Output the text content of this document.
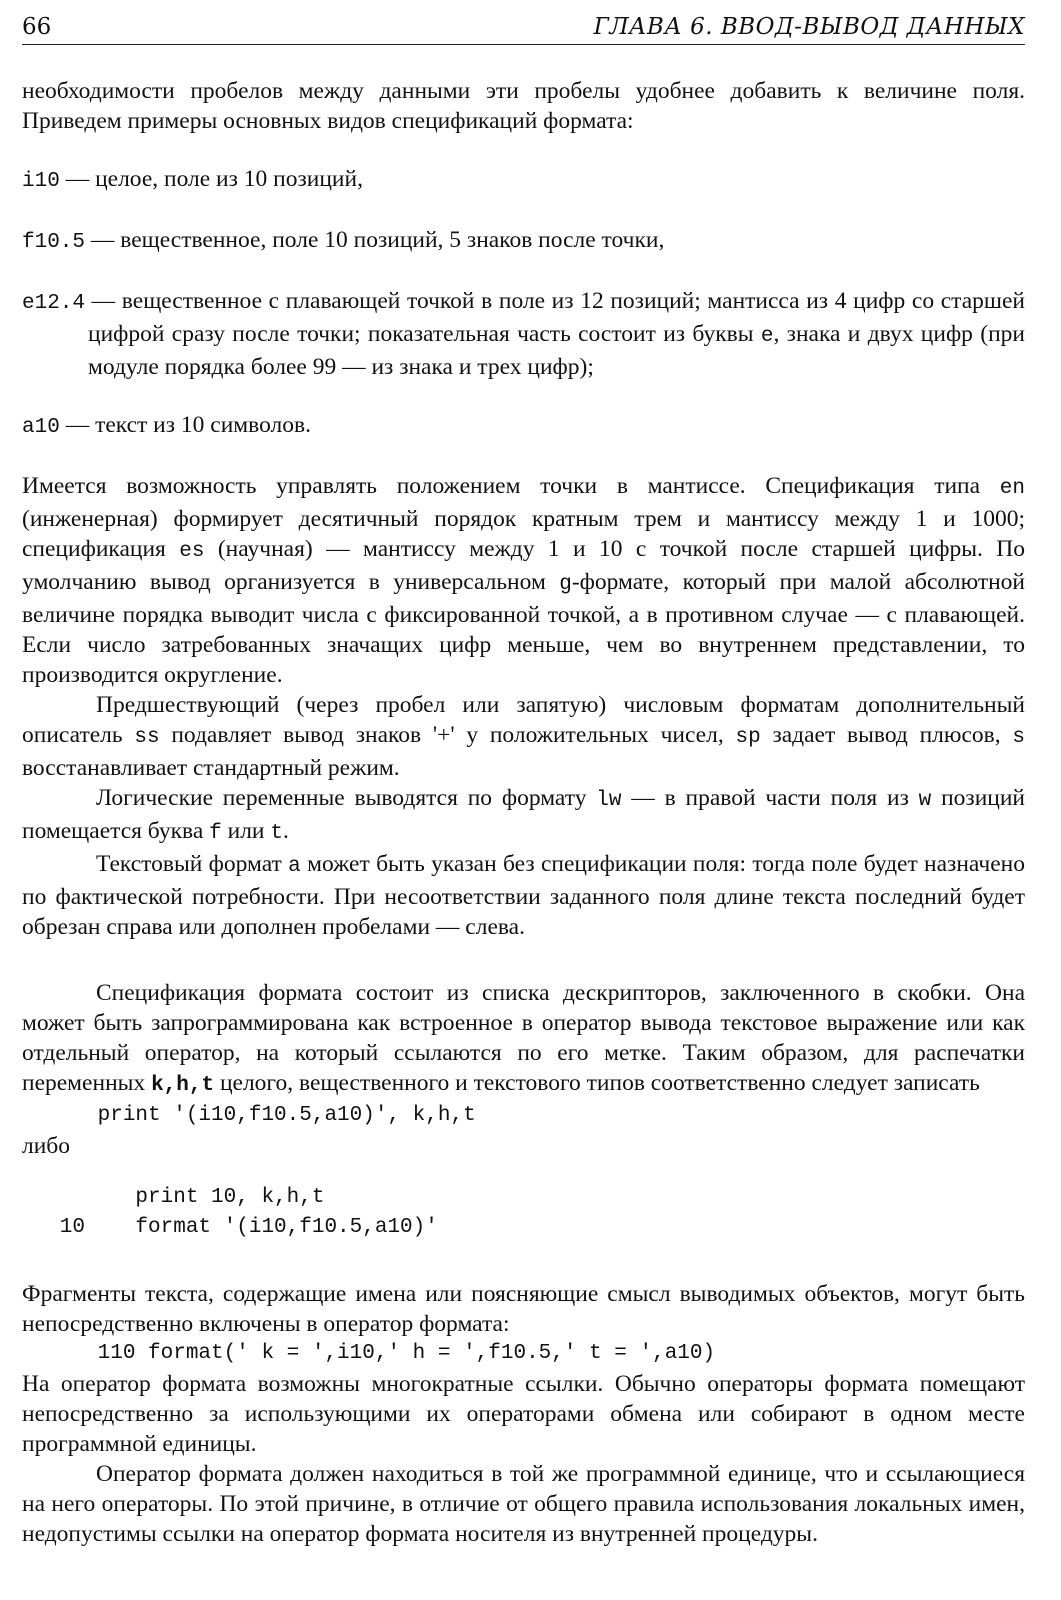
66	ГЛАВА 6. ВВОД-ВЫВОД ДАННЫХ

необходимости пробелов между данными эти пробелы удобнее добавить к величине поля. Приведем примеры основных видов спецификаций формата:

i10 — целое, поле из 10 позиций,
f10.5 — вещественное, поле 10 позиций, 5 знаков после точки,
e12.4 — вещественное с плавающей точкой в поле из 12 позиций; мантисса из 4 цифр со старшей цифрой сразу после точки; показательная часть состоит из буквы e, знака и двух цифр (при модуле порядка более 99 — из знака и трех цифр);
a10 — текст из 10 символов.

Имеется возможность управлять положением точки в мантиссе. Спецификация типа en (инженерная) формирует десятичный порядок кратным трем и мантиссу между 1 и 1000; спецификация es (научная) — мантиссу между 1 и 10 с точкой после старшей цифры. По умолчанию вывод организуется в универсальном g-формате, который при малой абсолютной величине порядка выводит числа с фиксированной точкой, а в противном случае — с плавающей. Если число затребованных значащих цифр меньше, чем во внутреннем представлении, то производится округление.

Предшествующий (через пробел или запятую) числовым форматам дополнительный описатель ss подавляет вывод знаков '+' у положительных чисел, sp задает вывод плюсов, s восстанавливает стандартный режим.

Логические переменные выводятся по формату lw — в правой части поля из w позиций помещается буква f или t.

Текстовый формат a может быть указан без спецификации поля: тогда поле будет назначено по фактической потребности. При несоответствии заданного поля длине текста последний будет обрезан справа или дополнен пробелами — слева.

Спецификация формата состоит из списка дескрипторов, заключенного в скобки. Она может быть запрограммирована как встроенное в оператор вывода текстовое выражение или как отдельный оператор, на который ссылаются по его метке. Таким образом, для распечатки переменных k,h,t целого, вещественного и текстового типов соответственно следует записать

print '(i10,f10.5,a10)', k,h,t
либо
print 10, k,h,t
10    format '(i10,f10.5,a10)'

Фрагменты текста, содержащие имена или поясняющие смысл выводимых объектов, могут быть непосредственно включены в оператор формата:

110 format(' k = ',i10,' h = ',f10.5,' t = ',a10)

На оператор формата возможны многократные ссылки. Обычно операторы формата помещают непосредственно за использующими их операторами обмена или собирают в одном месте программной единицы.

Оператор формата должен находиться в той же программной единице, что и ссылающиеся на него операторы. По этой причине, в отличие от общего правила использования локальных имен, недопустимы ссылки на оператор формата носителя из внутренней процедуры.
